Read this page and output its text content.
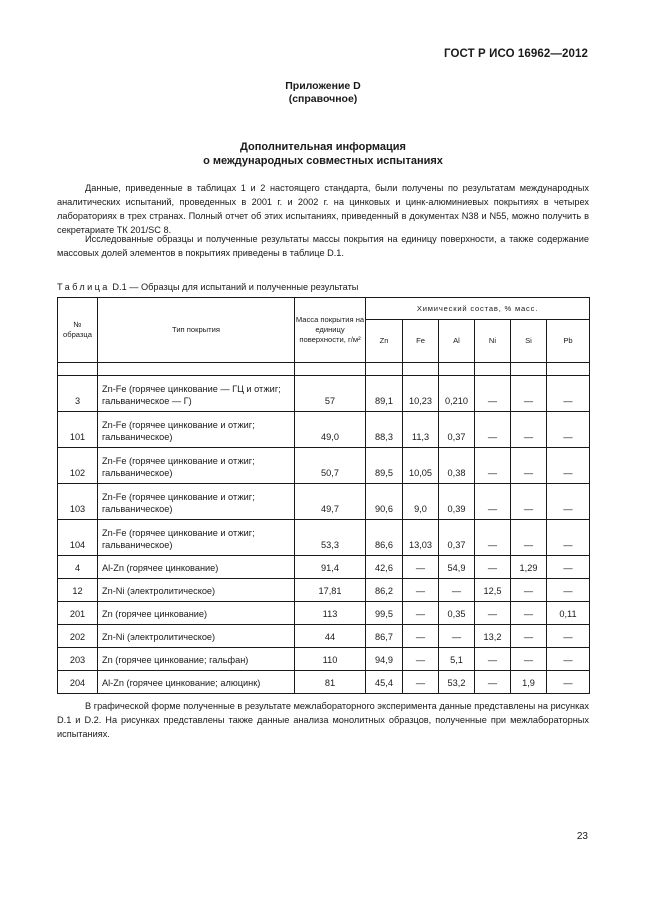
ГОСТ Р ИСО 16962—2012
Приложение D
(справочное)
Дополнительная информация
о международных совместных испытаниях

Данные, приведенные в таблицах 1 и 2 настоящего стандарта, были получены по результатам международных аналитических испытаний, проведенных в 2001 г. и 2002 г. на цинковых и цинк-алюминиевых покрытиях в четырех лабораториях в трех странах. Полный отчет об этих испытаниях, приведенный в документах N38 и N55, можно получить в секретариате ТК 201/SC 8.

Исследованные образцы и полученные результаты массы покрытия на единицу поверхности, а также содержание массовых долей элементов в покрытиях приведены в таблице D.1.

Таблица D.1 — Образцы для испытаний и полученные результаты
№ образца	Тип покрытия	Масса покрытия на единицу поверхности, г/м²	Химический состав, % масс.					
			Zn	Fe	Al	Ni	Si	Pb

3	Zn-Fe (горячее цинкование — ГЦ и отжиг; гальваническое — Г)	57	89,1	10,23	0,210	—	—	—
101	Zn-Fe (горячее цинкование и отжиг; гальваническое)	49,0	88,3	11,3	0,37	—	—	—
102	Zn-Fe (горячее цинкование и отжиг; гальваническое)	50,7	89,5	10,05	0,38	—	—	—
103	Zn-Fe (горячее цинкование и отжиг; гальваническое)	49,7	90,6	9,0	0,39	—	—	—
104	Zn-Fe (горячее цинкование и отжиг; гальваническое)	53,3	86,6	13,03	0,37	—	—	—
4	Al-Zn (горячее цинкование)	91,4	42,6	—	54,9	—	1,29	—
12	Zn-Ni (электролитическое)	17,81	86,2	—	—	12,5	—	—
201	Zn (горячее цинкование)	113	99,5	—	0,35	—	—	0,11
202	Zn-Ni (электролитическое)	44	86,7	—	—	13,2	—	—
203	Zn (горячее цинкование; гальфан)	110	94,9	—	5,1	—	—	—
204	Al-Zn (горячее цинкование; алюцинк)	81	45,4	—	53,2	—	1,9	—

В графической форме полученные в результате межлабораторного эксперимента данные представлены на рисунках D.1 и D.2. На рисунках представлены также данные анализа монолитных образцов, полученные при межлабораторных испытаниях.

23
